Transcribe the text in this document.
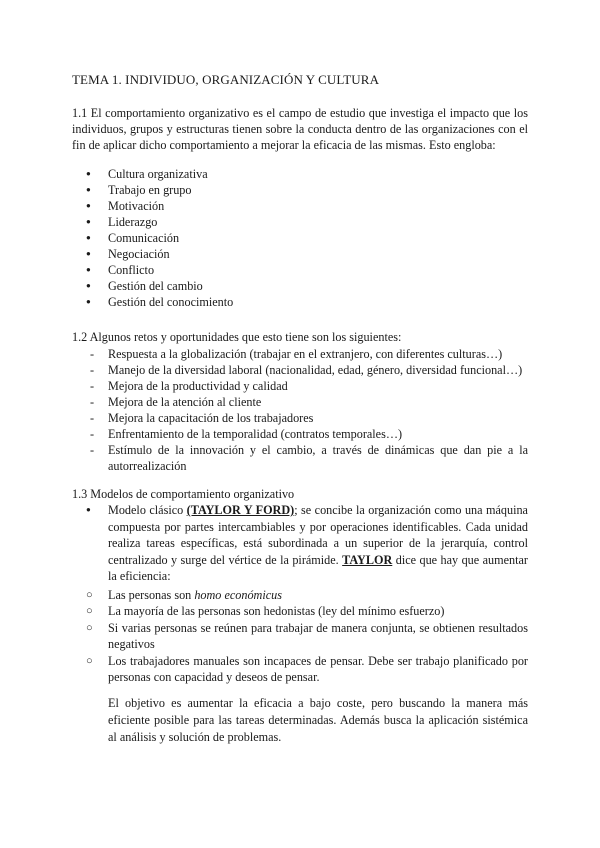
TEMA 1. INDIVIDUO, ORGANIZACIÓN Y CULTURA
1.1 El comportamiento organizativo es el campo de estudio que investiga el impacto que los individuos, grupos y estructuras tienen sobre la conducta dentro de las organizaciones con el fin de aplicar dicho comportamiento a mejorar la eficacia de las mismas. Esto engloba:
● Cultura organizativa
● Trabajo en grupo
● Motivación
● Liderazgo
● Comunicación
● Negociación
● Conflicto
● Gestión del cambio
● Gestión del conocimiento
1.2 Algunos retos y oportunidades que esto tiene son los siguientes:
- Respuesta a la globalización (trabajar en el extranjero, con diferentes culturas…)
- Manejo de la diversidad laboral (nacionalidad, edad, género, diversidad funcional…)
- Mejora de la productividad y calidad
- Mejora de la atención al cliente
- Mejora la capacitación de los trabajadores
- Enfrentamiento de la temporalidad (contratos temporales…)
- Estímulo de la innovación y el cambio, a través de dinámicas que dan pie a la autorrealización
1.3 Modelos de comportamiento organizativo
● Modelo clásico (TAYLOR Y FORD); se concibe la organización como una máquina compuesta por partes intercambiables y por operaciones identificables. Cada unidad realiza tareas específicas, está subordinada a un superior de la jerarquía, control centralizado y surge del vértice de la pirámide. TAYLOR dice que hay que aumentar la eficiencia:
○ Las personas son homo económicus
○ La mayoría de las personas son hedonistas (ley del mínimo esfuerzo)
○ Si varias personas se reúnen para trabajar de manera conjunta, se obtienen resultados negativos
○ Los trabajadores manuales son incapaces de pensar. Debe ser trabajo planificado por personas con capacidad y deseos de pensar.
El objetivo es aumentar la eficacia a bajo coste, pero buscando la manera más eficiente posible para las tareas determinadas. Además busca la aplicación sistémica al análisis y solución de problemas.
